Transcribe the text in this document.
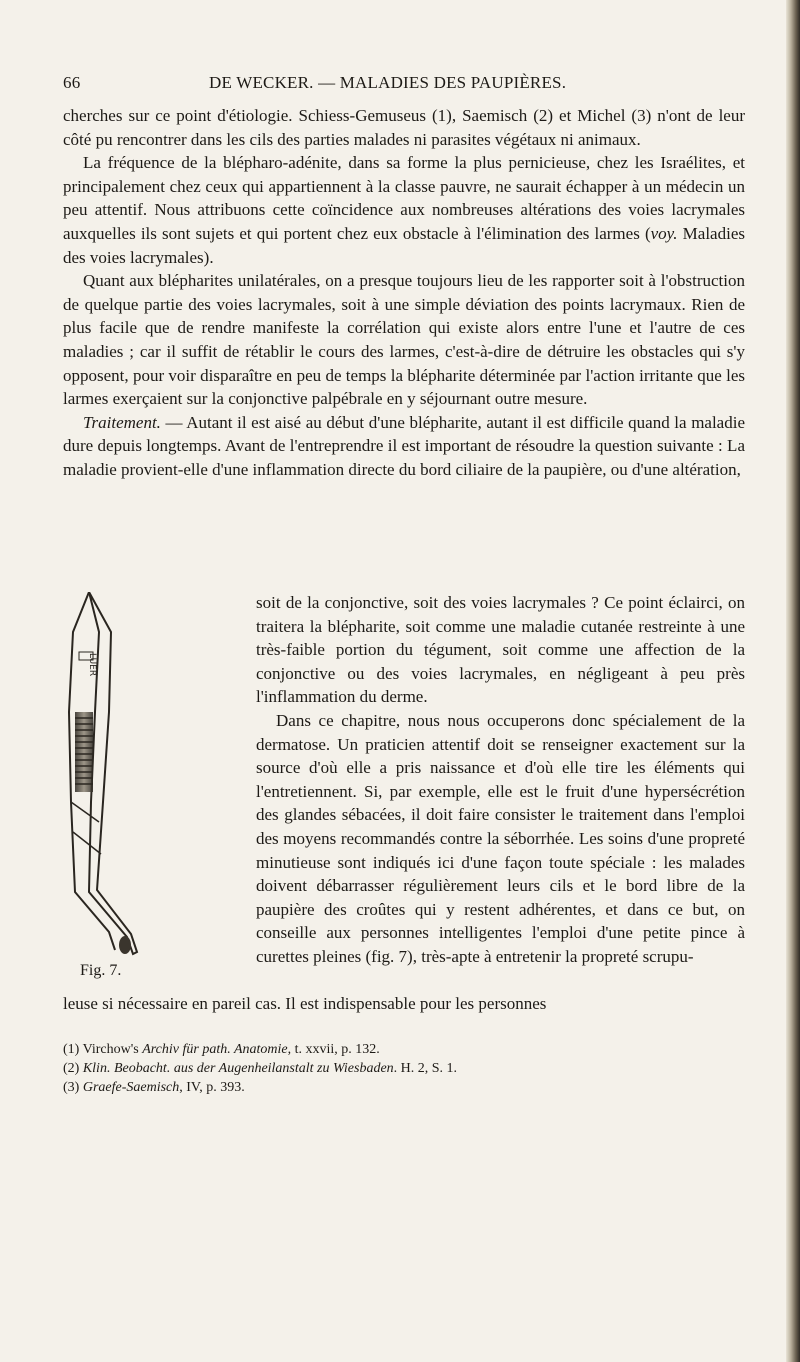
66	DE WECKER. — MALADIES DES PAUPIÈRES.

cherches sur ce point d'étiologie. Schiess-Gemuseus (1), Saemisch (2) et Michel (3) n'ont de leur côté pu rencontrer dans les cils des parties malades ni parasites végétaux ni animaux.

La fréquence de la blépharo-adénite, dans sa forme la plus pernicieuse, chez les Israélites, et principalement chez ceux qui appartiennent à la classe pauvre, ne saurait échapper à un médecin un peu attentif. Nous attribuons cette coïncidence aux nombreuses altérations des voies lacrymales auxquelles ils sont sujets et qui portent chez eux obstacle à l'élimination des larmes (voy. Maladies des voies lacrymales).

Quant aux blépharites unilatérales, on a presque toujours lieu de les rapporter soit à l'obstruction de quelque partie des voies lacrymales, soit à une simple déviation des points lacrymaux. Rien de plus facile que de rendre manifeste la corrélation qui existe alors entre l'une et l'autre de ces maladies ; car il suffit de rétablir le cours des larmes, c'est-à-dire de détruire les obstacles qui s'y opposent, pour voir disparaître en peu de temps la blépharite déterminée par l'action irritante que les larmes exerçaient sur la conjonctive palpébrale en y séjournant outre mesure.

Traitement. — Autant il est aisé au début d'une blépharite, autant il est difficile quand la maladie dure depuis longtemps. Avant de l'entreprendre il est important de résoudre la question suivante : La maladie provient-elle d'une inflammation directe du bord ciliaire de la paupière, ou d'une altération,

LUER
Fig. 7.

soit de la conjonctive, soit des voies lacrymales ? Ce point éclairci, on traitera la blépharite, soit comme une maladie cutanée restreinte à une très-faible portion du tégument, soit comme une affection de la conjonctive ou des voies lacrymales, en négligeant à peu près l'inflammation du derme.

Dans ce chapitre, nous nous occuperons donc spécialement de la dermatose. Un praticien attentif doit se renseigner exactement sur la source d'où elle a pris naissance et d'où elle tire les éléments qui l'entretiennent. Si, par exemple, elle est le fruit d'une hypersécrétion des glandes sébacées, il doit faire consister le traitement dans l'emploi des moyens recommandés contre la séborrhée. Les soins d'une propreté minutieuse sont indiqués ici d'une façon toute spéciale : les malades doivent débarrasser régulièrement leurs cils et le bord libre de la paupière des croûtes qui y restent adhérentes, et dans ce but, on conseille aux personnes intelligentes l'emploi d'une petite pince à curettes pleines (fig. 7), très-apte à entretenir la propreté scrupu-

leuse si nécessaire en pareil cas. Il est indispensable pour les personnes
(1) Virchow's Archiv für path. Anatomie, t. xxvii, p. 132.
(2) Klin. Beobacht. aus der Augenheilanstalt zu Wiesbaden. H. 2, S. 1.
(3) Graefe-Saemisch, IV, p. 393.
